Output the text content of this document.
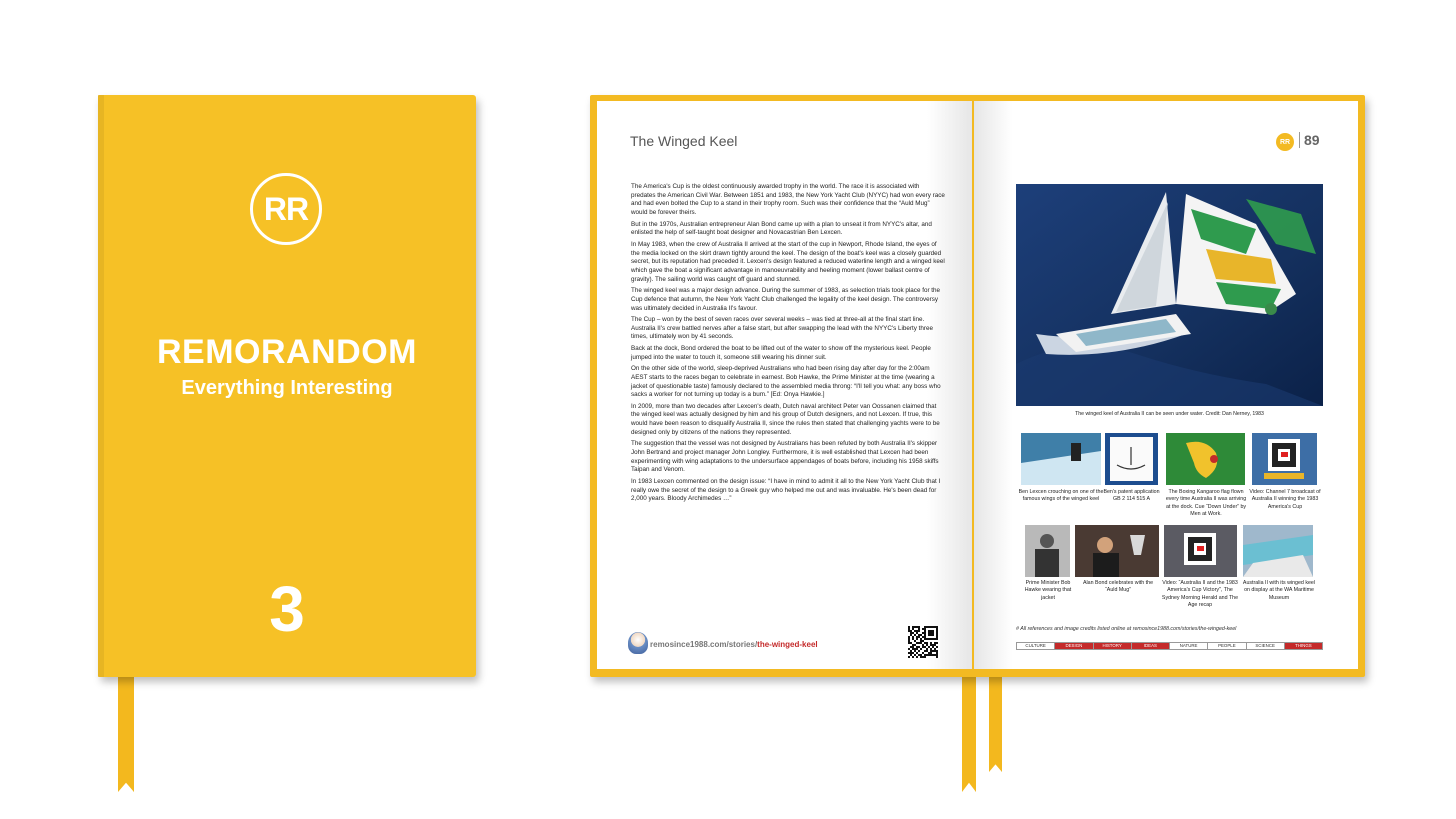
RR
REMORANDOM
Everything Interesting
3
The Winged Keel

The America's Cup is the oldest continuously awarded trophy in the world. The race it is associated with predates the American Civil War. Between 1851 and 1983, the New York Yacht Club (NYYC) had won every race and had even bolted the Cup to a stand in their trophy room. Such was their confidence that the “Auld Mug” would be forever theirs.

But in the 1970s, Australian entrepreneur Alan Bond came up with a plan to unseat it from NYYC's altar, and enlisted the help of self-taught boat designer and Novacastrian Ben Lexcen.

In May 1983, when the crew of Australia II arrived at the start of the cup in Newport, Rhode Island, the eyes of the media locked on the skirt drawn tightly around the keel. The design of the boat's keel was a closely guarded secret, but its reputation had preceded it. Lexcen's design featured a reduced waterline length and a winged keel which gave the boat a significant advantage in manoeuvrability and heeling moment (lower ballast centre of gravity). The sailing world was caught off guard and stunned.

The winged keel was a major design advance. During the summer of 1983, as selection trials took place for the Cup defence that autumn, the New York Yacht Club challenged the legality of the keel design. The controversy was ultimately decided in Australia II's favour.

The Cup – won by the best of seven races over several weeks – was tied at three-all at the final start line. Australia II's crew battled nerves after a false start, but after swapping the lead with the NYYC's Liberty three times, ultimately won by 41 seconds.

Back at the dock, Bond ordered the boat to be lifted out of the water to show off the mysterious keel. People jumped into the water to touch it, someone still wearing his dinner suit.

On the other side of the world, sleep-deprived Australians who had been rising day after day for the 2:00am AEST starts to the races began to celebrate in earnest. Bob Hawke, the Prime Minister at the time (wearing a jacket of questionable taste) famously declared to the assembled media throng: “I'll tell you what: any boss who sacks a worker for not turning up today is a bum.” [Ed: Onya Hawkie.]

In 2009, more than two decades after Lexcen's death, Dutch naval architect Peter van Oossanen claimed that the winged keel was actually designed by him and his group of Dutch designers, and not Lexcen. If true, this would have been reason to disqualify Australia II, since the rules then stated that challenging yachts were to be designed only by citizens of the nations they represented.

The suggestion that the vessel was not designed by Australians has been refuted by both Australia II's skipper John Bertrand and project manager John Longley. Furthermore, it is well established that Lexcen had been experimenting with wing adaptations to the undersurface appendages of boats before, including his 1958 skiffs Taipan and Venom.

In 1983 Lexcen commented on the design issue: “I have in mind to admit it all to the New York Yacht Club that I really owe the secret of the design to a Greek guy who helped me out and was invaluable. He's been dead for 2,000 years. Bloody Archimedes …”

remosince1988.com/stories/the-winged-keel
RR 89
The winged keel of Australia II can be seen under water. Credit: Dan Nerney, 1983
Ben Lexcen crouching on one of the famous wings of the winged keel
Ben's patent application GB 2 114 515 A
The Boxing Kangaroo flag flown every time Australia II was arriving at the dock. Cue “Down Under” by Men at Work.
Video: Channel 7 broadcast of Australia II winning the 1983 America's Cup
Prime Minister Bob Hawke wearing that jacket
Alan Bond celebrates with the “Auld Mug”
Video: “Australia II and the 1983 America's Cup Victory", The Sydney Morning Herald and The Age recap
Australia II with its winged keel on display at the WA Maritime Museum
# All references and image credits listed online at remosince1988.com/stories/the-winged-keel
CULTURE	DESIGN	HISTORY	IDEAS	NATURE	PEOPLE	SCIENCE	THINGS
